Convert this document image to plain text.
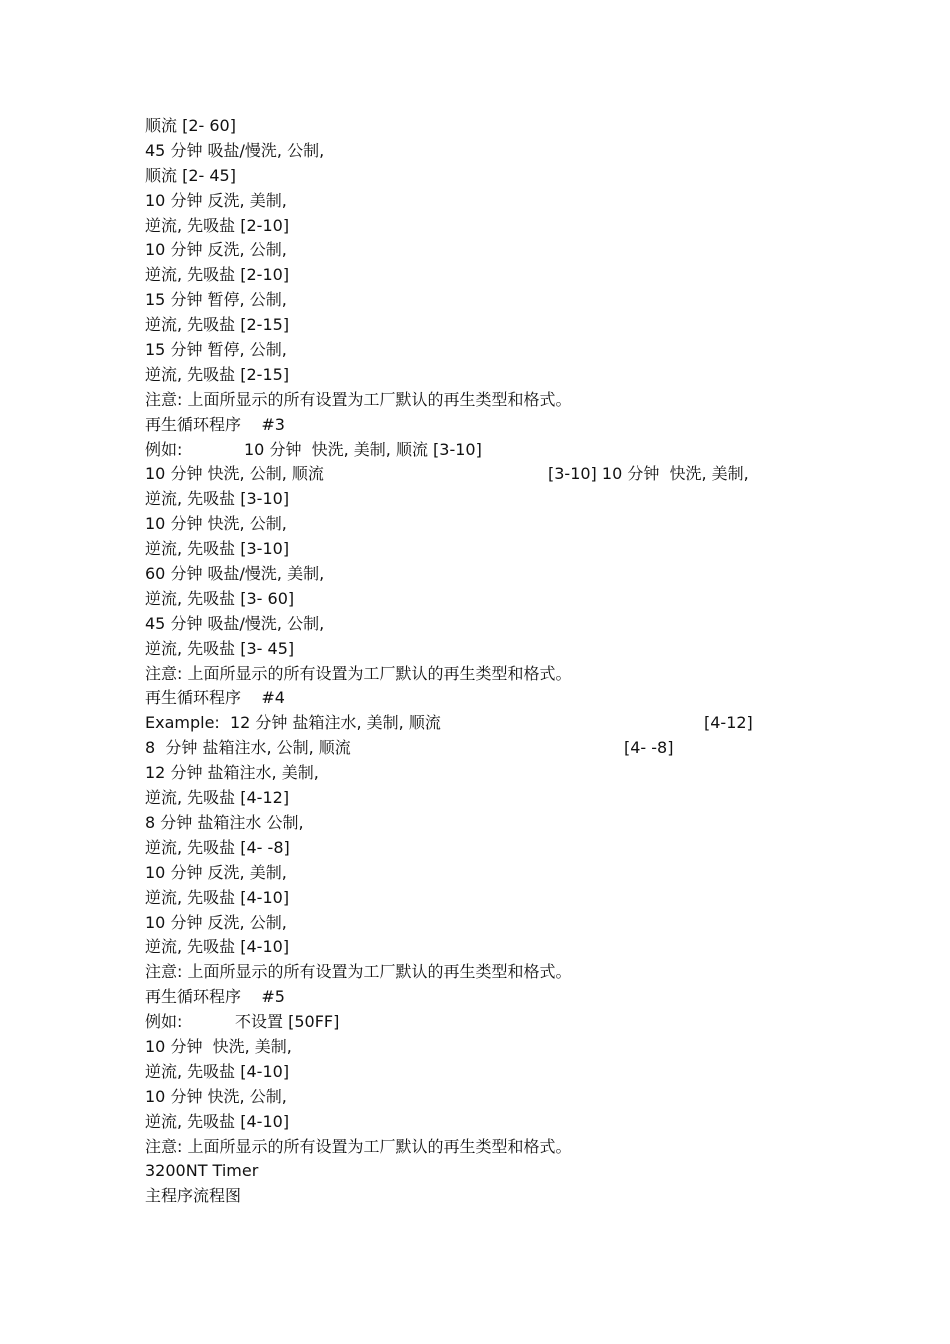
顺流 [2- 60]
45 分钟 吸盐/慢洗, 公制,
顺流 [2- 45]
10 分钟 反洗, 美制,
逆流, 先吸盐 [2-10]
10 分钟 反洗, 公制,
逆流, 先吸盐 [2-10]
15 分钟 暂停, 公制,
逆流, 先吸盐 [2-15]
15 分钟 暂停, 公制,
逆流, 先吸盐 [2-15]
注意: 上面所显示的所有设置为工厂默认的再生类型和格式。
再生循环程序    #3
例如:	10 分钟  快洗, 美制, 顺流 [3-10]
10 分钟 快洗, 公制, 顺流	[3-10] 10 分钟  快洗, 美制,
逆流, 先吸盐 [3-10]
10 分钟 快洗, 公制,
逆流, 先吸盐 [3-10]
60 分钟 吸盐/慢洗, 美制,
逆流, 先吸盐 [3- 60]
45 分钟 吸盐/慢洗, 公制,
逆流, 先吸盐 [3- 45]
注意: 上面所显示的所有设置为工厂默认的再生类型和格式。
再生循环程序    #4
Example:  12 分钟 盐箱注水, 美制, 顺流	[4-12]
8  分钟 盐箱注水, 公制, 顺流	[4- -8]
12 分钟 盐箱注水, 美制,
逆流, 先吸盐 [4-12]
8 分钟 盐箱注水 公制,
逆流, 先吸盐 [4- -8]
10 分钟 反洗, 美制,
逆流, 先吸盐 [4-10]
10 分钟 反洗, 公制,
逆流, 先吸盐 [4-10]
注意: 上面所显示的所有设置为工厂默认的再生类型和格式。
再生循环程序    #5
例如:	不设置 [50FF]
10 分钟  快洗, 美制,
逆流, 先吸盐 [4-10]
10 分钟 快洗, 公制,
逆流, 先吸盐 [4-10]
注意: 上面所显示的所有设置为工厂默认的再生类型和格式。
3200NT Timer
主程序流程图
